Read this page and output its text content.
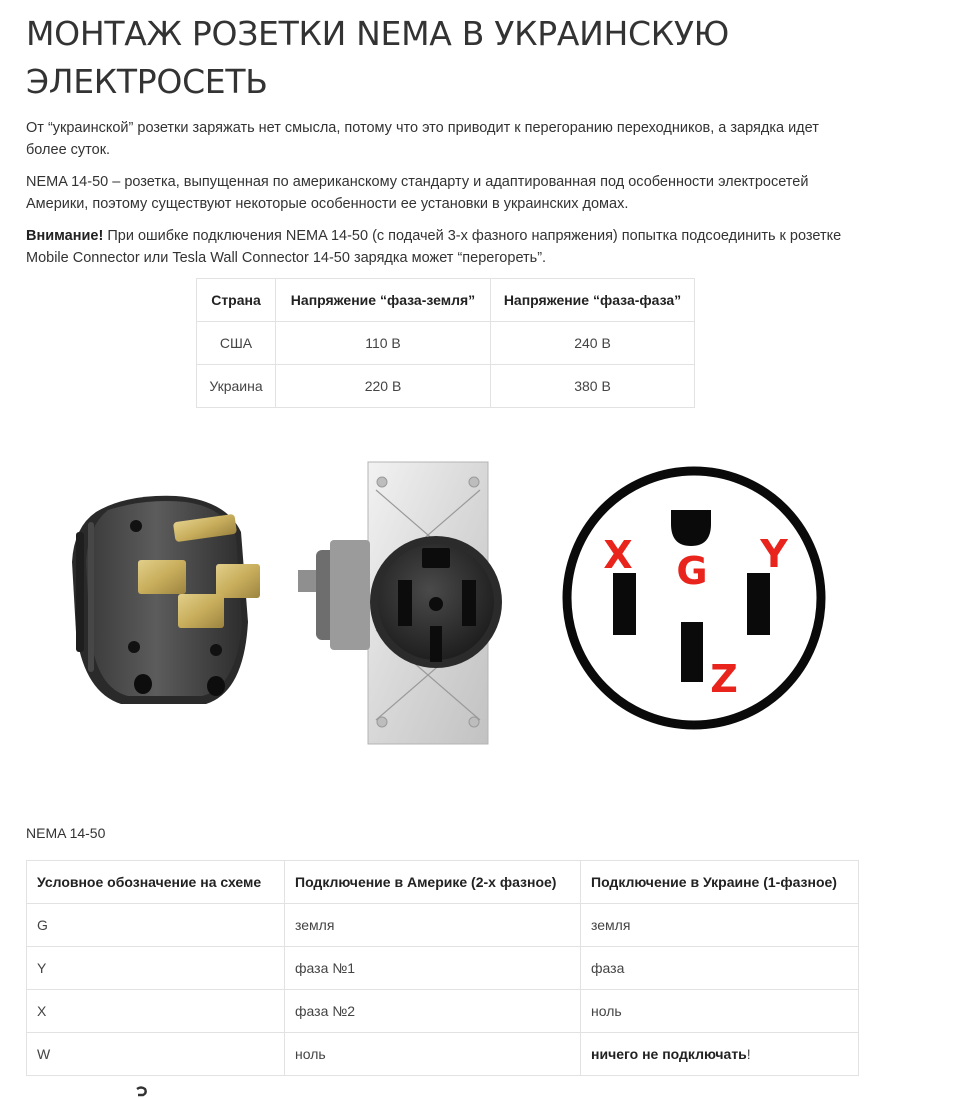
МОНТАЖ РОЗЕТКИ NEMA В УКРАИНСКУЮ ЭЛЕКТРОСЕТЬ

От “украинской” розетки заряжать нет смысла, потому что это приводит к перегоранию переходников, а зарядка идет более суток.

NEMA 14-50 – розетка, выпущенная по американскому стандарту и адаптированная под особенности электросетей Америки, поэтому существуют некоторые особенности ее установки в украинских домах.

Внимание! При ошибке подключения NEMA 14-50 (с подачей 3-х фазного напряжения) попытка подсоединить к розетке Mobile Connector или Tesla Wall Connector 14-50 зарядка может “перегореть”.

Страна	Напряжение “фаза-земля”	Напряжение “фаза-фаза”
США	110 В	240 В
Украина	220 В	380 В
X G Y
Z
NEMA 14-50
Условное обозначение на схеме	Подключение в Америке (2-х фазное)	Подключение в Украине (1-фазное)
G	земля	земля
Y	фаза №1	фаза
X	фаза №2	ноль
W	ноль	ничего не подключать!
